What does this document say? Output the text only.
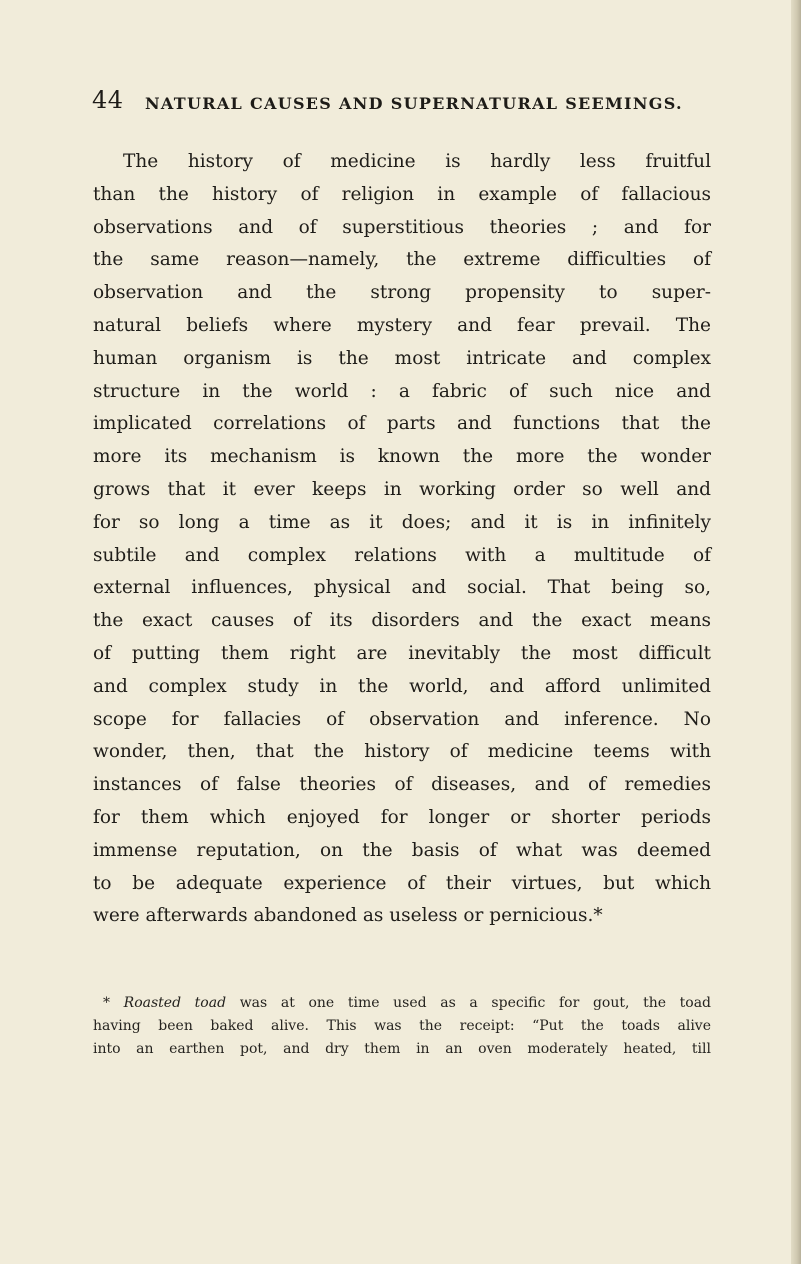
44 NATURAL CAUSES AND SUPERNATURAL SEEMINGS.
The history of medicine is hardly less fruitful
than the history of religion in example of fallacious
observations and of superstitious theories ; and for
the same reason—namely, the extreme difficulties of
observation and the strong propensity to super-
natural beliefs where mystery and fear prevail. The
human organism is the most intricate and complex
structure in the world : a fabric of such nice and
implicated correlations of parts and functions that the
more its mechanism is known the more the wonder
grows that it ever keeps in working order so well and
for so long a time as it does; and it is in infinitely
subtile and complex relations with a multitude of
external influences, physical and social. That being so,
the exact causes of its disorders and the exact means
of putting them right are inevitably the most difficult
and complex study in the world, and afford unlimited
scope for fallacies of observation and inference. No
wonder, then, that the history of medicine teems with
instances of false theories of diseases, and of remedies
for them which enjoyed for longer or shorter periods
immense reputation, on the basis of what was deemed
to be adequate experience of their virtues, but which
were afterwards abandoned as useless or pernicious.*
* Roasted toad was at one time used as a specific for gout, the toad
having been baked alive. This was the receipt: “Put the toads alive
into an earthen pot, and dry them in an oven moderately heated, till
